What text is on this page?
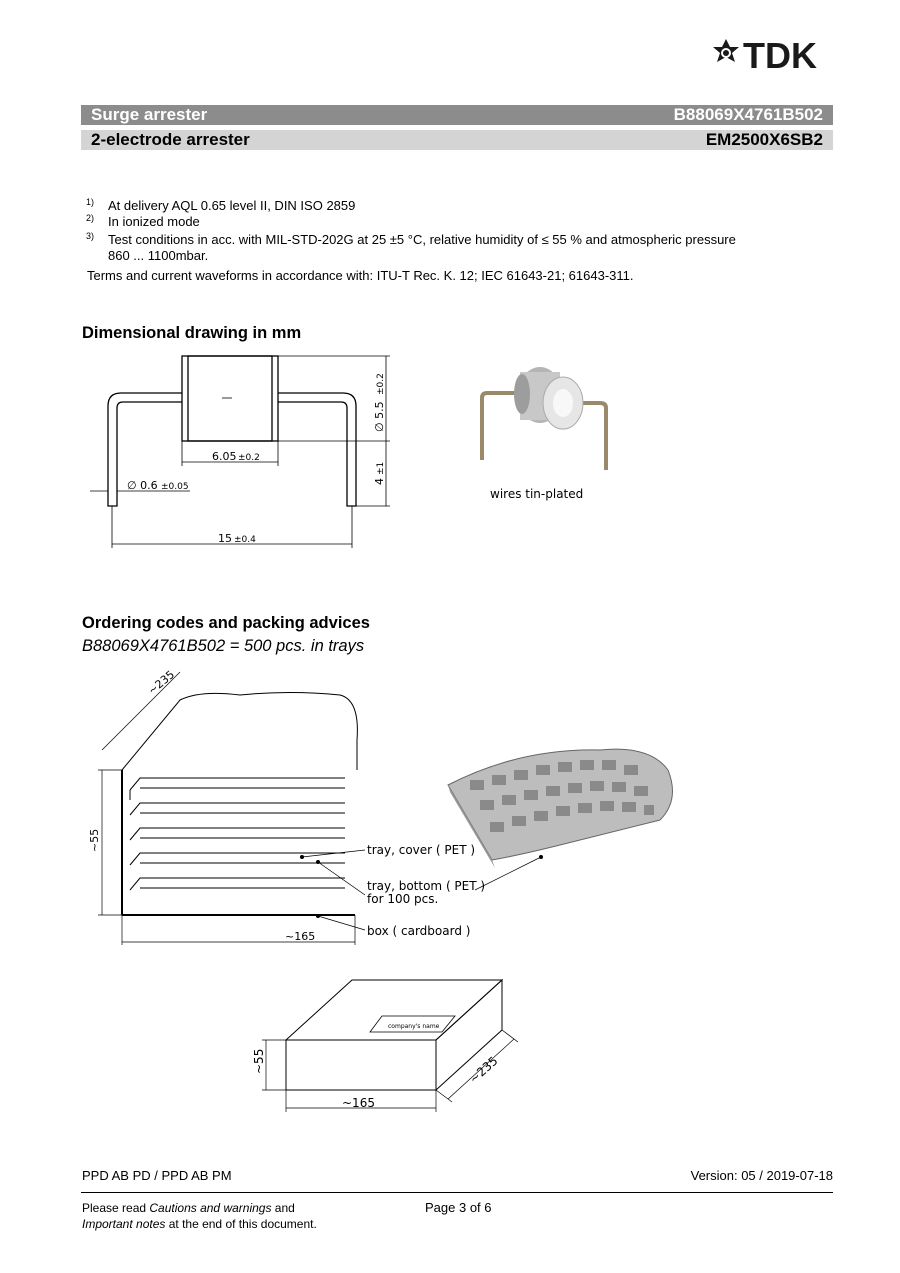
TDK
Surge arrester	B88069X4761B502
2-electrode arrester	EM2500X6SB2
1) At delivery AQL 0.65 level II, DIN ISO 2859
2) In ionized mode
3) Test conditions in acc. with MIL-STD-202G at 25 ±5 °C, relative humidity of ≤ 55 % and atmospheric pressure
860 ... 1100mbar.
Terms and current waveforms in accordance with: ITU-T Rec. K. 12; IEC 61643-21; 61643-311.
Dimensional drawing in mm
6.05 ±0.2
∅ 0.6 ±0.05
15 ±0.4
∅ 5.5
±0.2
4
±1
wires tin-plated
Ordering codes and packing advices
B88069X4761B502 = 500 pcs. in trays
~235
~55
~165
tray, cover ( PET )
tray, bottom ( PET )
for 100 pcs.
box ( cardboard )
company's name
~55
~165
~235
PPD AB PD / PPD AB PM	Version: 05 / 2019-07-18
Please read Cautions and warnings and
Important notes at the end of this document.
Page 3 of 6
